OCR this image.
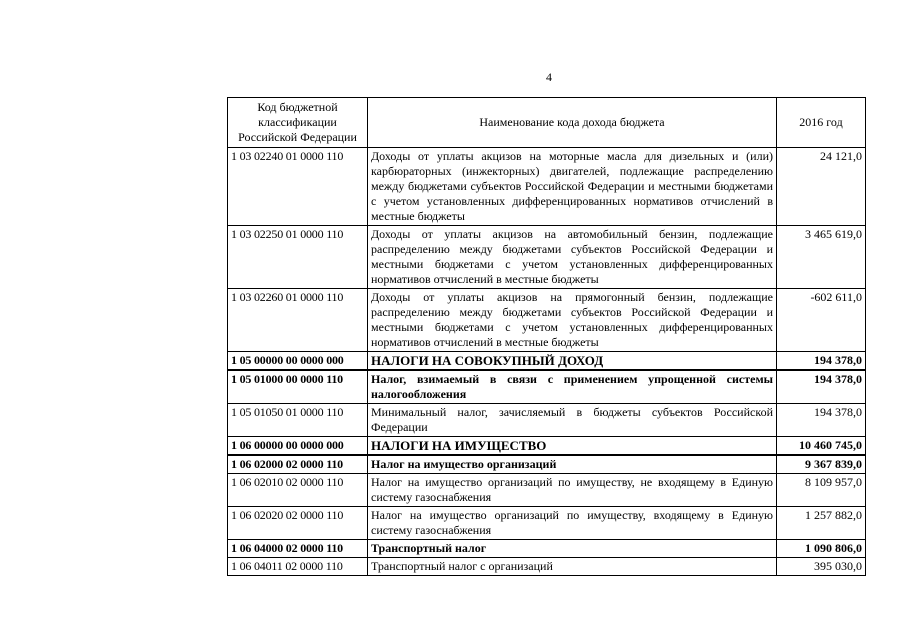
4
Код бюджетной классификации Российской Федерации	Наименование кода дохода бюджета	2016 год
1 03 02240 01 0000 110	Доходы от уплаты акцизов на моторные масла для дизельных и (или) карбюраторных (инжекторных) двигателей, подлежащие распределению между бюджетами субъектов Российской Федерации и местными бюджетами с учетом установленных дифференцированных нормативов отчислений в местные бюджеты	24 121,0
1 03 02250 01 0000 110	Доходы от уплаты акцизов на автомобильный бензин, подлежащие распределению между бюджетами субъектов Российской Федерации и местными бюджетами с учетом установленных дифференцированных нормативов отчислений в местные бюджеты	3 465 619,0
1 03 02260 01 0000 110	Доходы от уплаты акцизов на прямогонный бензин, подлежащие распределению между бюджетами субъектов Российской Федерации и местными бюджетами с учетом установленных дифференцированных нормативов отчислений в местные бюджеты	-602 611,0
1 05 00000 00 0000 000	НАЛОГИ НА СОВОКУПНЫЙ ДОХОД	194 378,0
1 05 01000 00 0000 110	Налог, взимаемый в связи с применением упрощенной системы налогообложения	194 378,0
1 05 01050 01 0000 110	Минимальный налог, зачисляемый в бюджеты субъектов Российской Федерации	194 378,0
1 06 00000 00 0000 000	НАЛОГИ НА ИМУЩЕСТВО	10 460 745,0
1 06 02000 02 0000 110	Налог на имущество организаций	9 367 839,0
1 06 02010 02 0000 110	Налог на имущество организаций по имуществу, не входящему в Единую систему газоснабжения	8 109 957,0
1 06 02020 02 0000 110	Налог на имущество организаций по имуществу, входящему в Единую систему газоснабжения	1 257 882,0
1 06 04000 02 0000 110	Транспортный налог	1 090 806,0
1 06 04011 02 0000 110	Транспортный налог с организаций	395 030,0
